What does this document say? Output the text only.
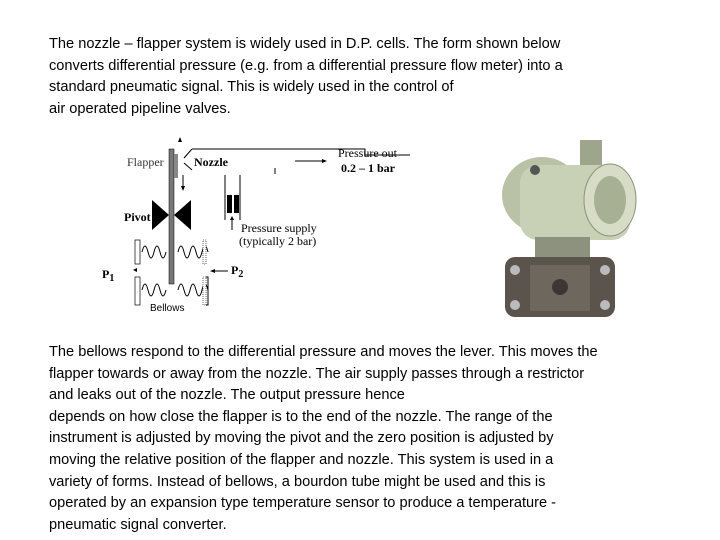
The nozzle – flapper system is widely used in D.P. cells. The form shown below
converts differential pressure (e.g. from a differential pressure flow meter) into a
standard pneumatic signal. This is widely used in the control of
air operated pipeline valves.
Flapper	Nozzle
Pressure out
0.2 – 1 bar
Pivot
Pressure supply
(typically 2 bar)
$P_1$
$P_2$
Bellows
The bellows respond to the differential pressure and moves the lever. This moves the
flapper towards or away from the nozzle. The air supply passes through a restrictor
and leaks out of the nozzle. The output pressure hence
depends on how close the flapper is to the end of the nozzle. The range of the
instrument is adjusted by moving the pivot and the zero position is adjusted by
moving the relative position of the flapper and nozzle. This system is used in a
variety of forms. Instead of bellows, a bourdon tube might be used and this is
operated by an expansion type temperature sensor to produce a temperature -
pneumatic signal converter.
